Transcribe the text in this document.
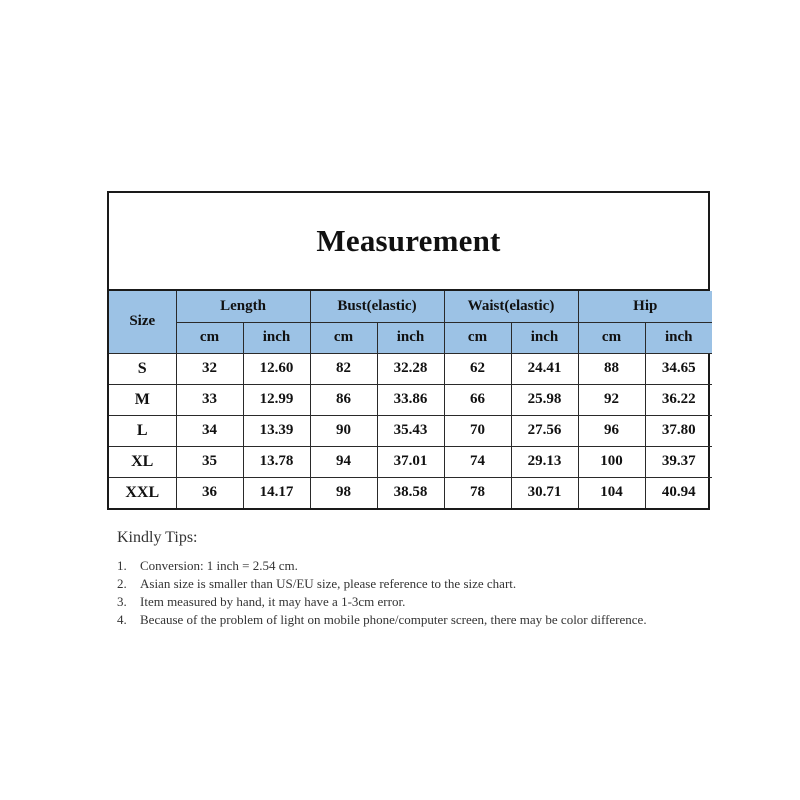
Measurement
Size	Length		Bust(elastic)		Waist(elastic)		Hip	
	cm	inch	cm	inch	cm	inch	cm	inch
S	32	12.60	82	32.28	62	24.41	88	34.65
M	33	12.99	86	33.86	66	25.98	92	36.22
L	34	13.39	90	35.43	70	27.56	96	37.80
XL	35	13.78	94	37.01	74	29.13	100	39.37
XXL	36	14.17	98	38.58	78	30.71	104	40.94

Kindly Tips:

1.	Conversion: 1 inch = 2.54 cm.
2.	Asian size is smaller than US/EU size, please reference to the size chart.
3.	Item measured by hand, it may have a 1-3cm error.
4.	Because of the problem of light on mobile phone/computer screen, there may be color difference.
